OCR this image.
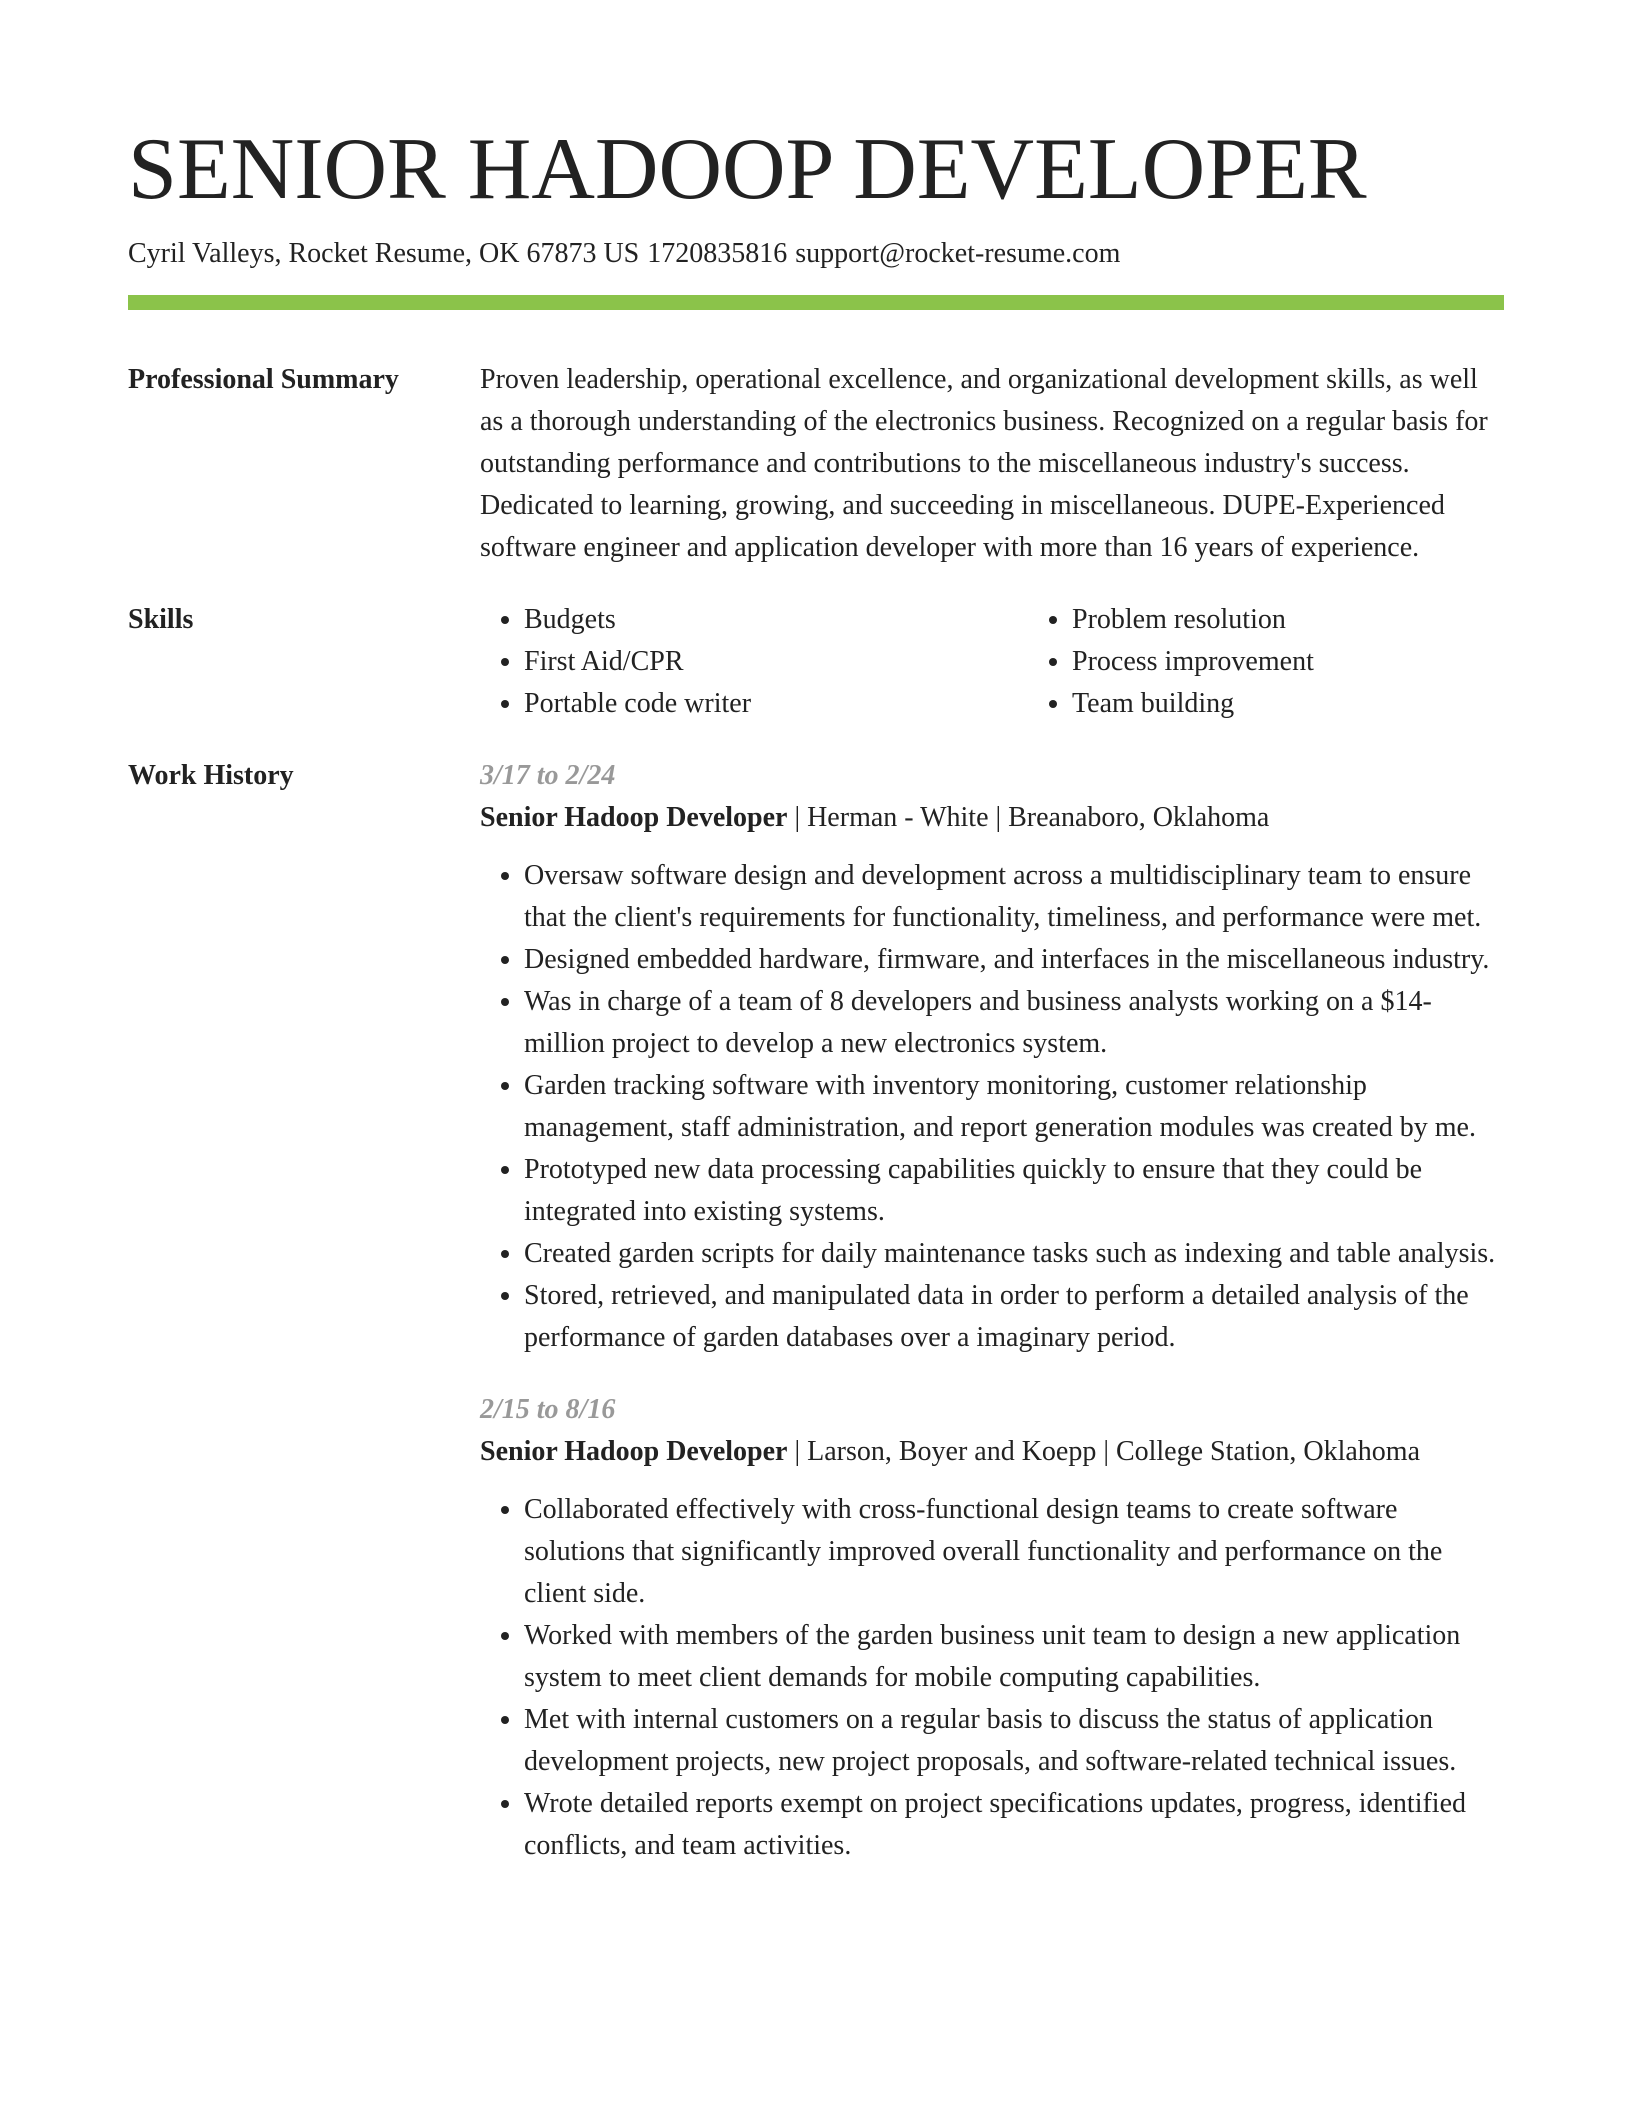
SENIOR HADOOP DEVELOPER
Cyril Valleys, Rocket Resume, OK 67873 US 1720835816 support@rocket-resume.com
Professional Summary	Proven leadership, operational excellence, and organizational development skills, as well as a thorough understanding of the electronics business. Recognized on a regular basis for outstanding performance and contributions to the miscellaneous industry's success. Dedicated to learning, growing, and succeeding in miscellaneous. DUPE-Experienced software engineer and application developer with more than 16 years of experience.
Skills
•	Budgets
• First Aid/CPR
• Portable code writer
• Problem resolution
• Process improvement
• Team building
Work History	3/17 to 2/24
Senior Hadoop Developer | Herman - White | Breanaboro, Oklahoma
• Oversaw software design and development across a multidisciplinary team to ensure that the client's requirements for functionality, timeliness, and performance were met.
• Designed embedded hardware, firmware, and interfaces in the miscellaneous industry.
• Was in charge of a team of 8 developers and business analysts working on a $14-million project to develop a new electronics system.
• Garden tracking software with inventory monitoring, customer relationship management, staff administration, and report generation modules was created by me.
• Prototyped new data processing capabilities quickly to ensure that they could be integrated into existing systems.
• Created garden scripts for daily maintenance tasks such as indexing and table analysis.
• Stored, retrieved, and manipulated data in order to perform a detailed analysis of the performance of garden databases over a imaginary period.
2/15 to 8/16
Senior Hadoop Developer | Larson, Boyer and Koepp | College Station, Oklahoma
• Collaborated effectively with cross-functional design teams to create software solutions that significantly improved overall functionality and performance on the client side.
• Worked with members of the garden business unit team to design a new application system to meet client demands for mobile computing capabilities.
• Met with internal customers on a regular basis to discuss the status of application development projects, new project proposals, and software-related technical issues.
• Wrote detailed reports exempt on project specifications updates, progress, identified conflicts, and team activities.
